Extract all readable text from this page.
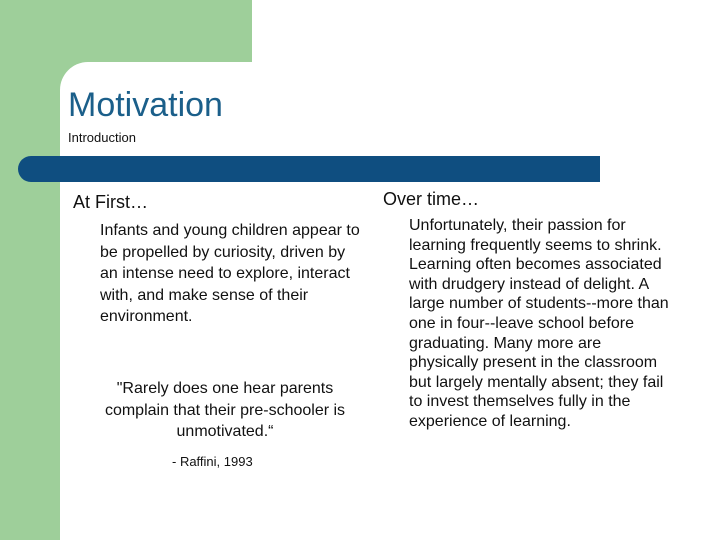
Motivation
Introduction
At First…
Infants and young children appear to be propelled by curiosity, driven by an intense need to explore, interact with, and make sense of their environment.
"Rarely does one hear parents complain that their pre-schooler is unmotivated.“
- Raffini, 1993
Over time…
Unfortunately, their passion for learning frequently seems to shrink. Learning often becomes associated with drudgery instead of delight. A large number of students--more than one in four--leave school before graduating. Many more are physically present in the classroom but largely mentally absent; they fail to invest themselves fully in the experience of learning.
